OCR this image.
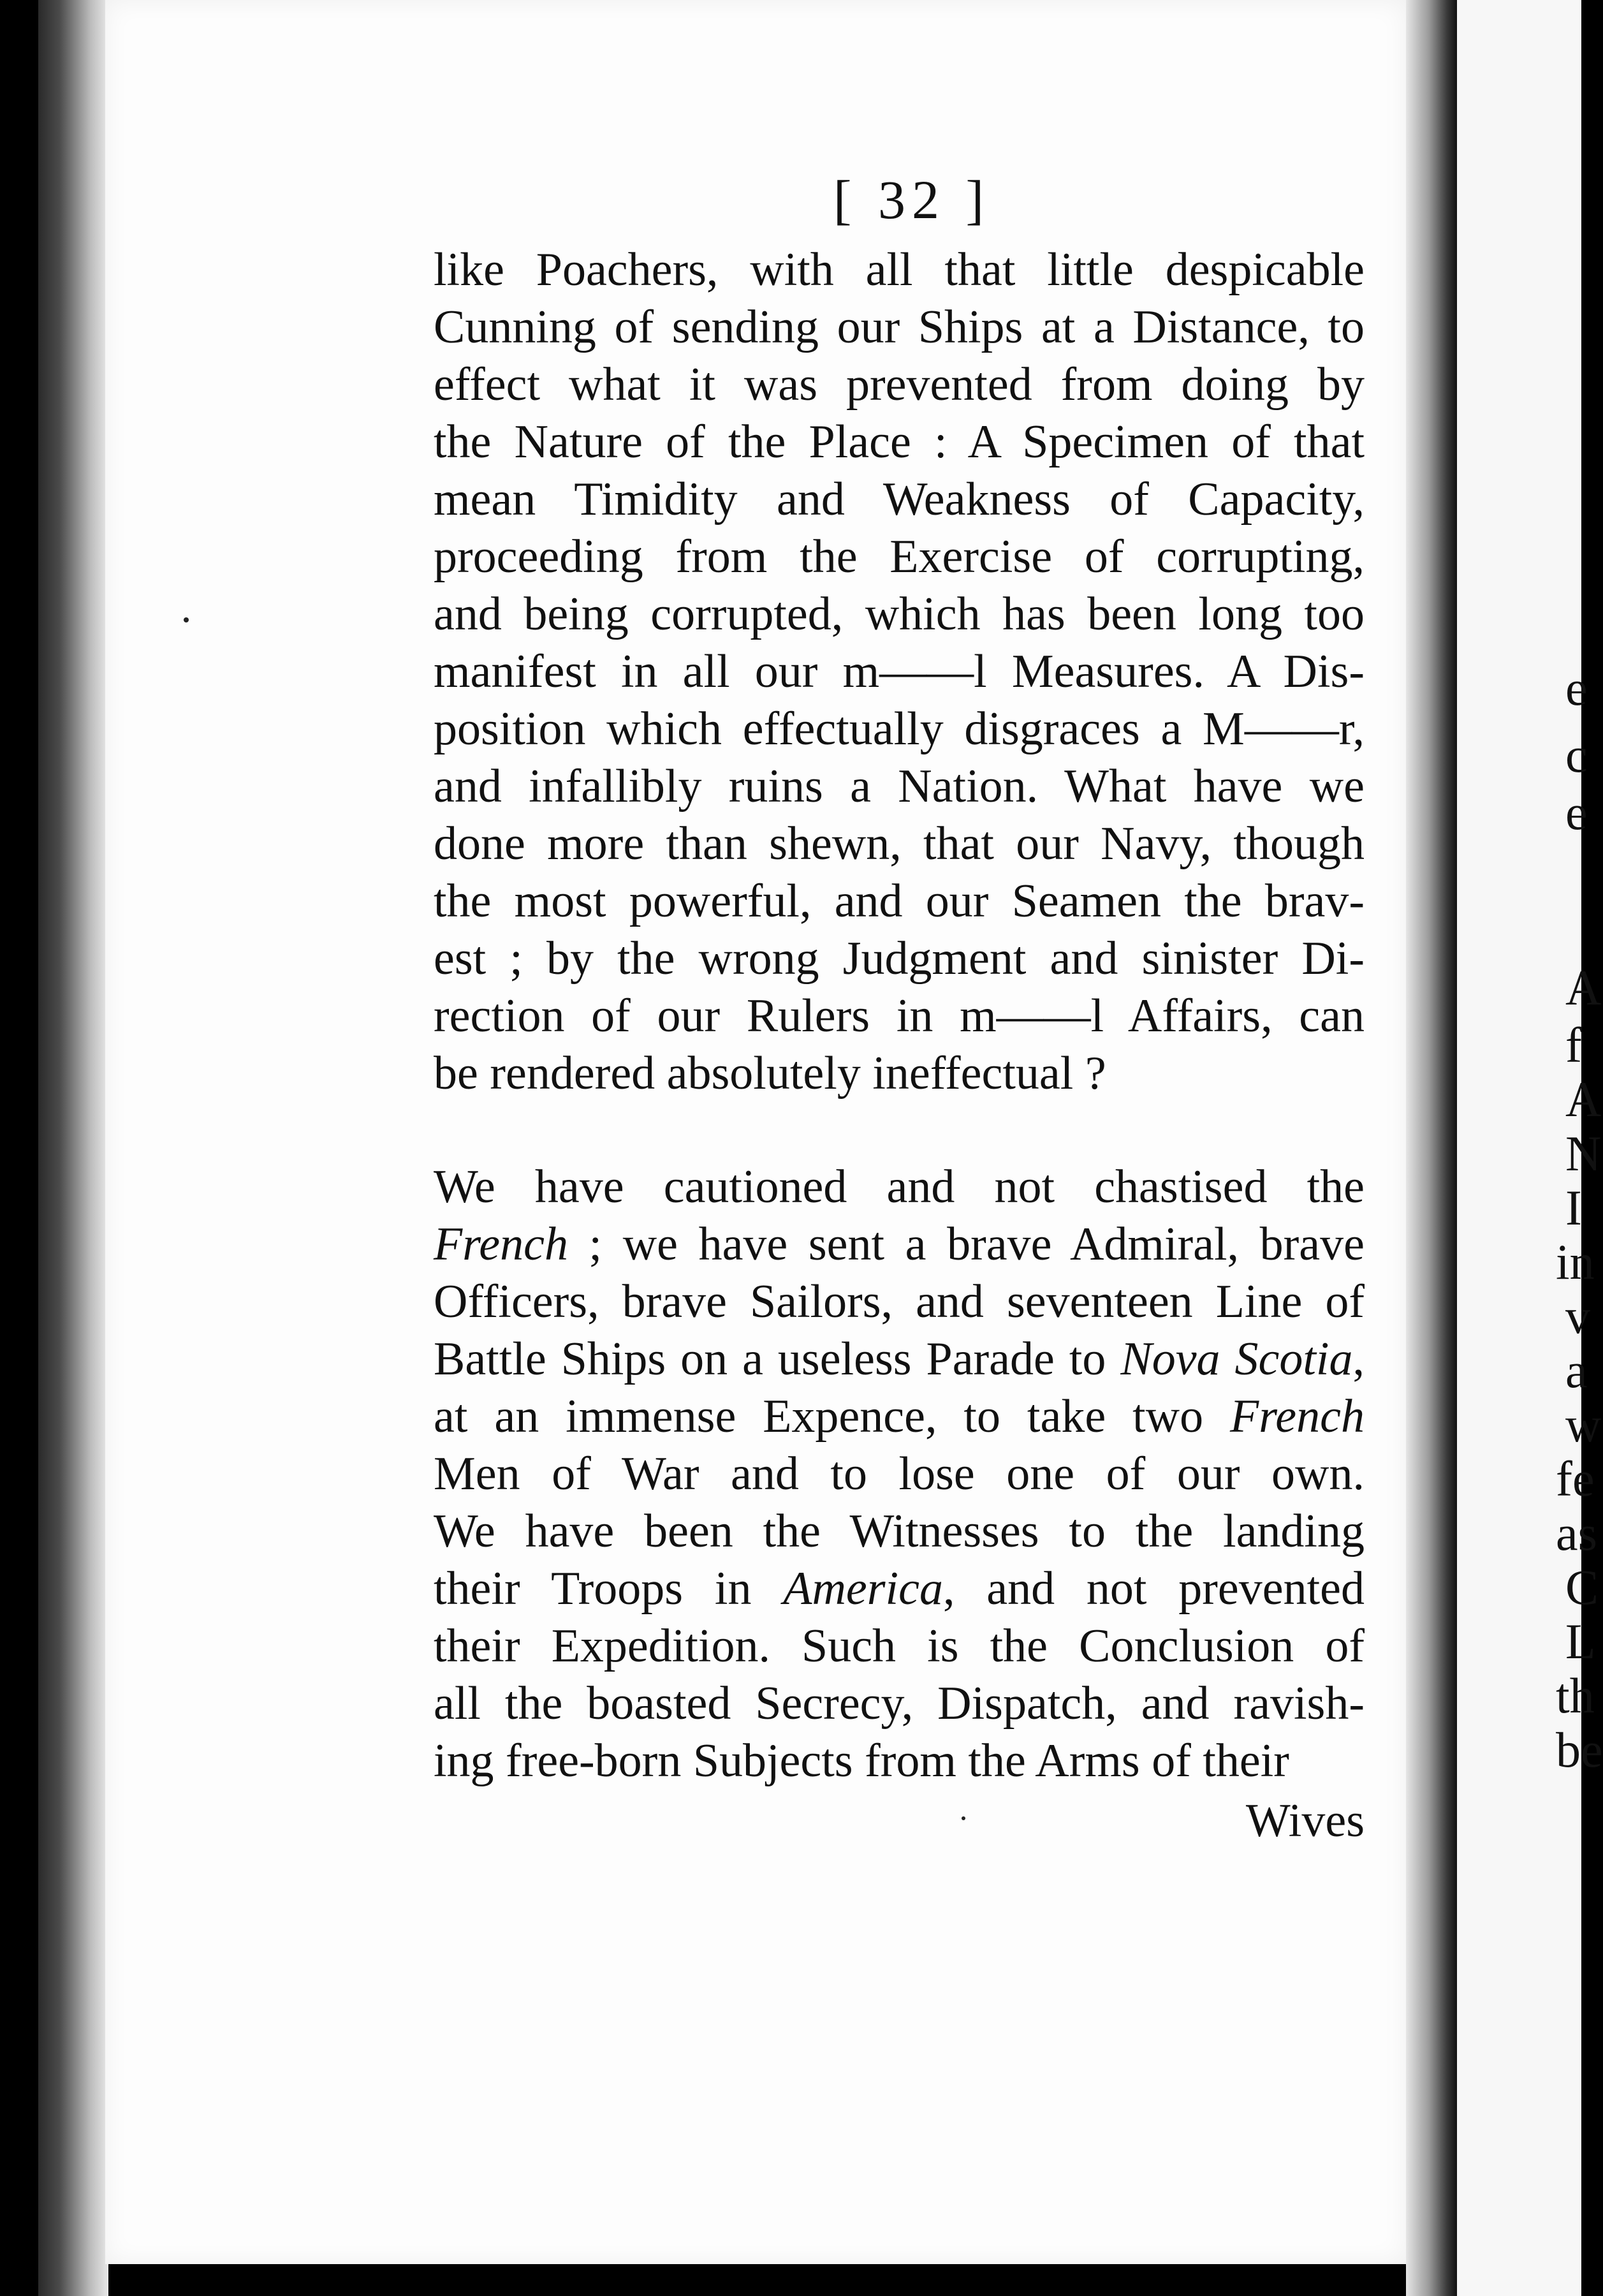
e
c
e
A
f
A
N
I
in
v
a
w
fe
as
C
L
th
be
[ 32 ]
like Poachers, with all that little despicable
Cunning of sending our Ships at a Distance, to
effect what it was prevented from doing by
the Nature of the Place : A Specimen of that
mean Timidity and Weakness of Capacity,
proceeding from the Exercise of corrupting,
and being corrupted, which has been long too
manifest in all our m——l Measures. A Dis-
position which effectually disgraces a M——r,
and infallibly ruins a Nation. What have we
done more than shewn, that our Navy, though
the most powerful, and our Seamen the brav-
est ; by the wrong Judgment and sinister Di-
rection of our Rulers in m——l Affairs, can
be rendered absolutely ineffectual ?
We have cautioned and not chastised the
French ; we have sent a brave Admiral, brave
Officers, brave Sailors, and seventeen Line of
Battle Ships on a useless Parade to Nova Scotia,
at an immense Expence, to take two French
Men of War and to lose one of our own.
We have been the Witnesses to the landing
their Troops in America, and not prevented
their Expedition. Such is the Conclusion of
all the boasted Secrecy, Dispatch, and ravish-
ing free-born Subjects from the Arms of their
Wives
